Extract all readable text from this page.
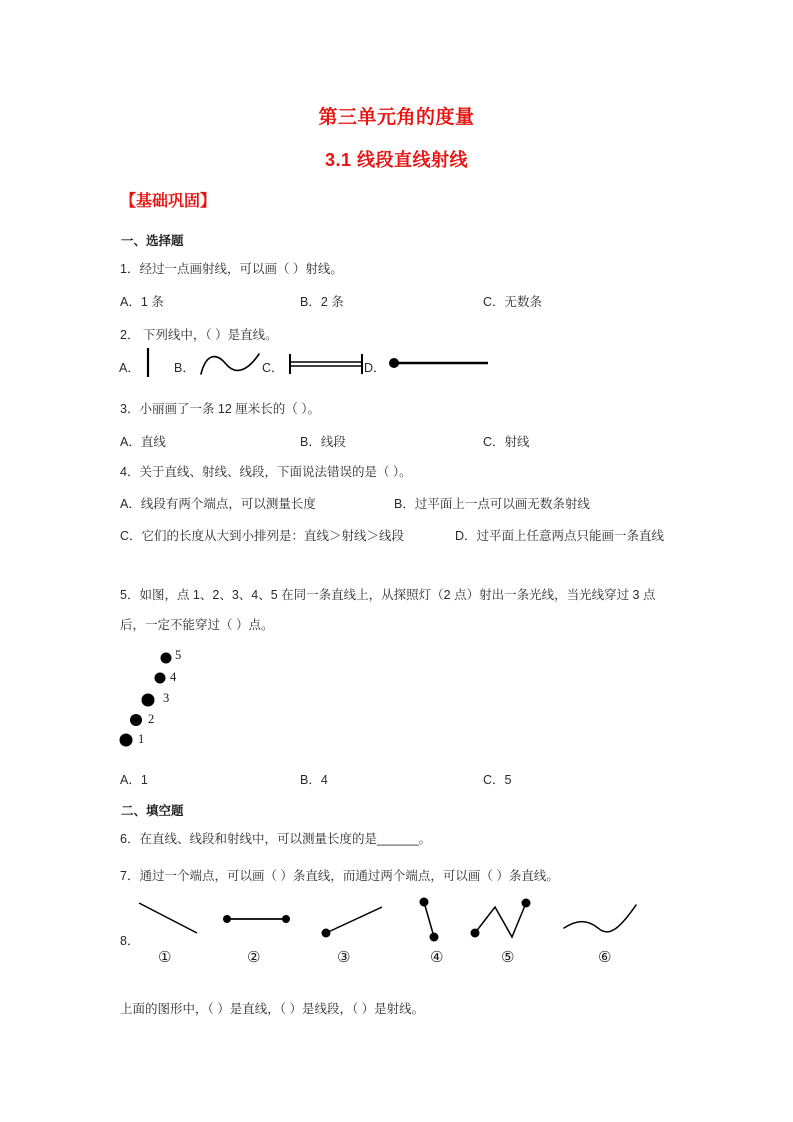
第三单元角的度量
3.1 线段直线射线
【基础巩固】
一、选择题
1．经过一点画射线，可以画（ ）射线。
A．1 条	B．2 条	C．无数条
2． 下列线中，（ ）是直线。
A．	B．	C．	D．
3．小丽画了一条 12 厘米长的（ ）。
A．直线	B．线段	C．射线
4．关于直线、射线、线段，下面说法错误的是（ ）。
A．线段有两个端点，可以测量长度	B．过平面上一点可以画无数条射线
C．它们的长度从大到小排列是：直线＞射线＞线段	D．过平面上任意两点只能画一条直线
5．如图，点 1、2、3、4、5 在同一条直线上，从探照灯（2 点）射出一条光线，当光线穿过 3 点后，一定不能穿过（ ）点。
1
2
3
4
5
A．1	B．4	C．5
二、填空题
6．在直线、线段和射线中，可以测量长度的是______。
7．通过一个端点，可以画（ ）条直线，而通过两个端点，可以画（ ）条直线。
8．
①	②	③	④	⑤	⑥
上面的图形中，（ ）是直线，（ ）是线段，（ ）是射线。
